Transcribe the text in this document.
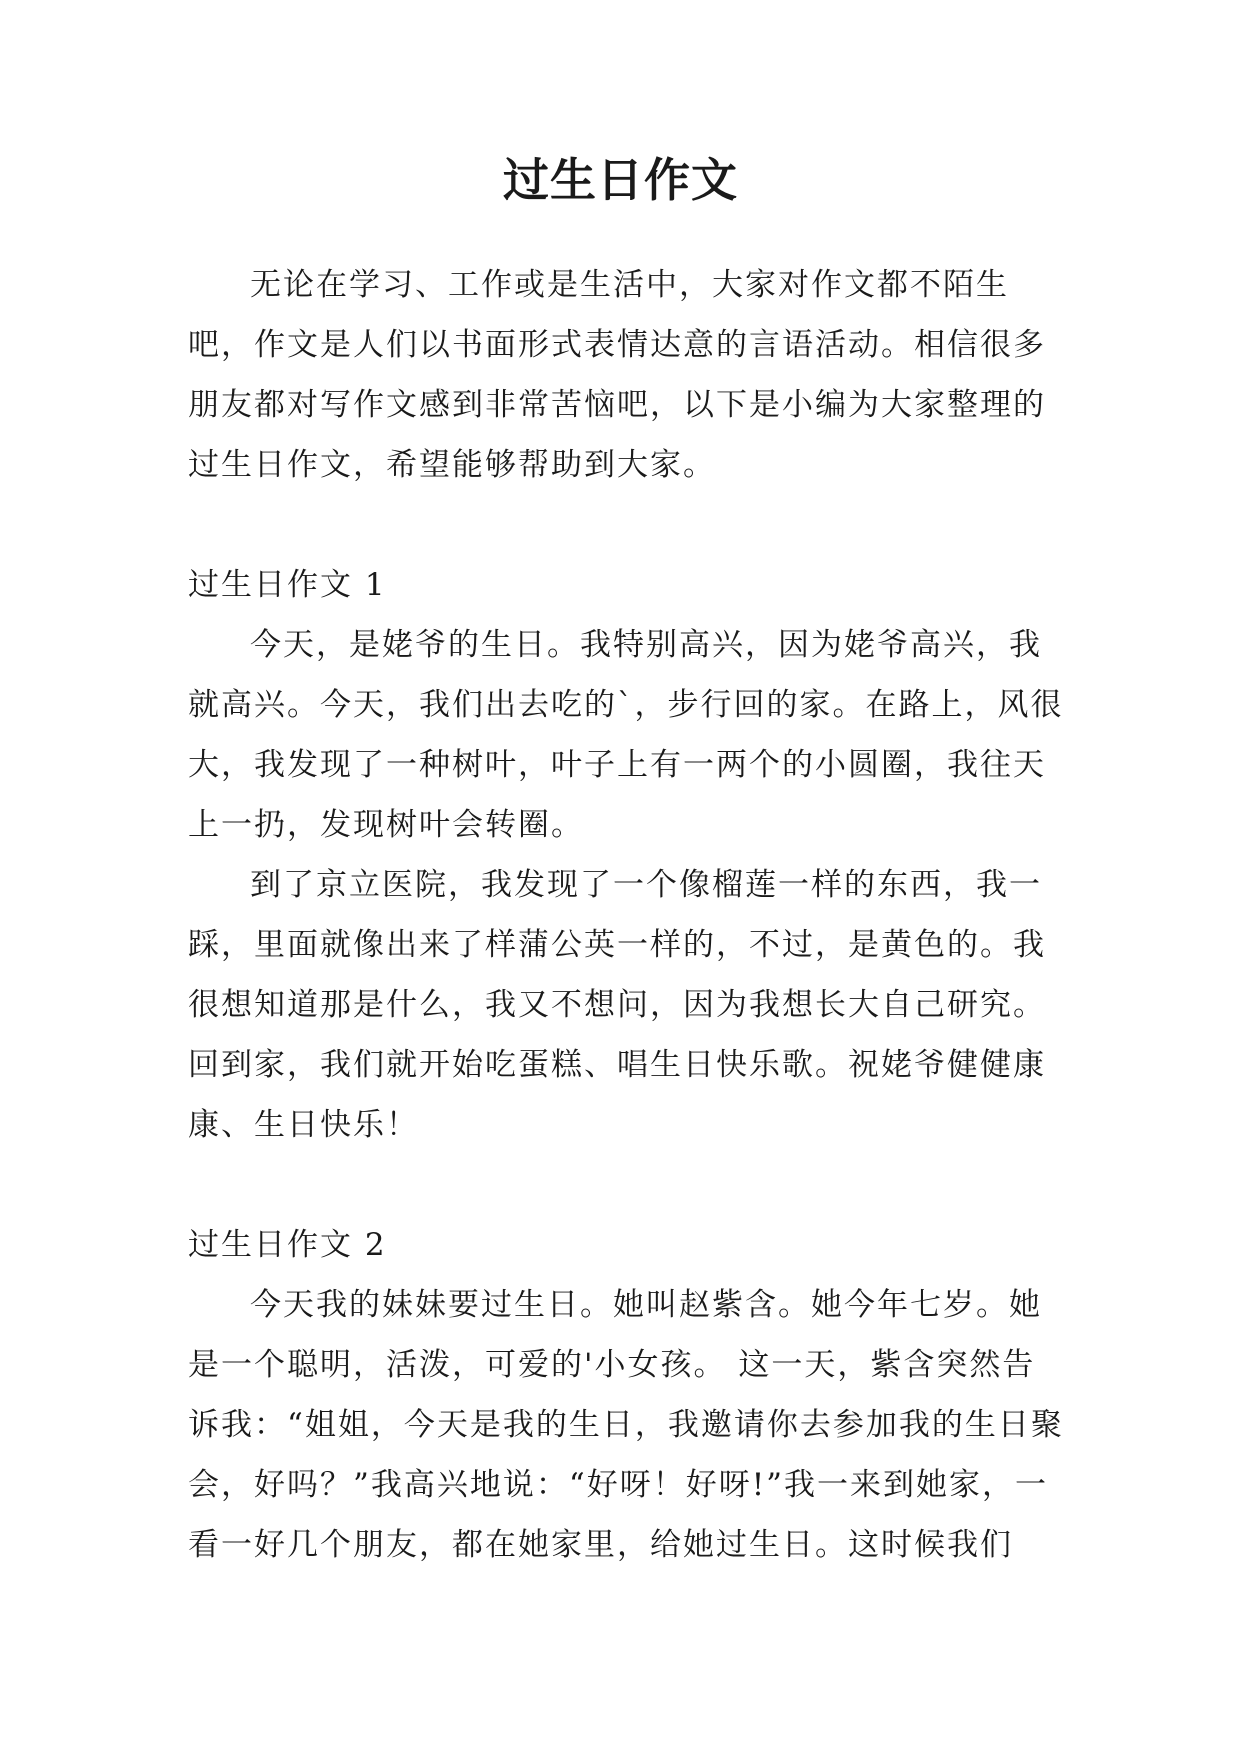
过生日作文

无论在学习、工作或是生活中，大家对作文都不陌生吧，作文是人们以书面形式表情达意的言语活动。相信很多朋友都对写作文感到非常苦恼吧，以下是小编为大家整理的过生日作文，希望能够帮助到大家。

过生日作文 1

今天，是姥爷的生日。我特别高兴，因为姥爷高兴，我就高兴。今天，我们出去吃的`，步行回的家。在路上，风很大，我发现了一种树叶，叶子上有一两个的小圆圈，我往天上一扔，发现树叶会转圈。

到了京立医院，我发现了一个像榴莲一样的东西，我一踩，里面就像出来了样蒲公英一样的，不过，是黄色的。我很想知道那是什么，我又不想问，因为我想长大自己研究。回到家，我们就开始吃蛋糕、唱生日快乐歌。祝姥爷健健康康、生日快乐！

过生日作文 2

今天我的妹妹要过生日。她叫赵紫含。她今年七岁。她是一个聪明，活泼，可爱的'小女孩。 这一天，紫含突然告诉我：“姐姐，今天是我的生日，我邀请你去参加我的生日聚会，好吗？”我高兴地说：“好呀！好呀!”我一来到她家，一看一好几个朋友，都在她家里，给她过生日。这时候我们
